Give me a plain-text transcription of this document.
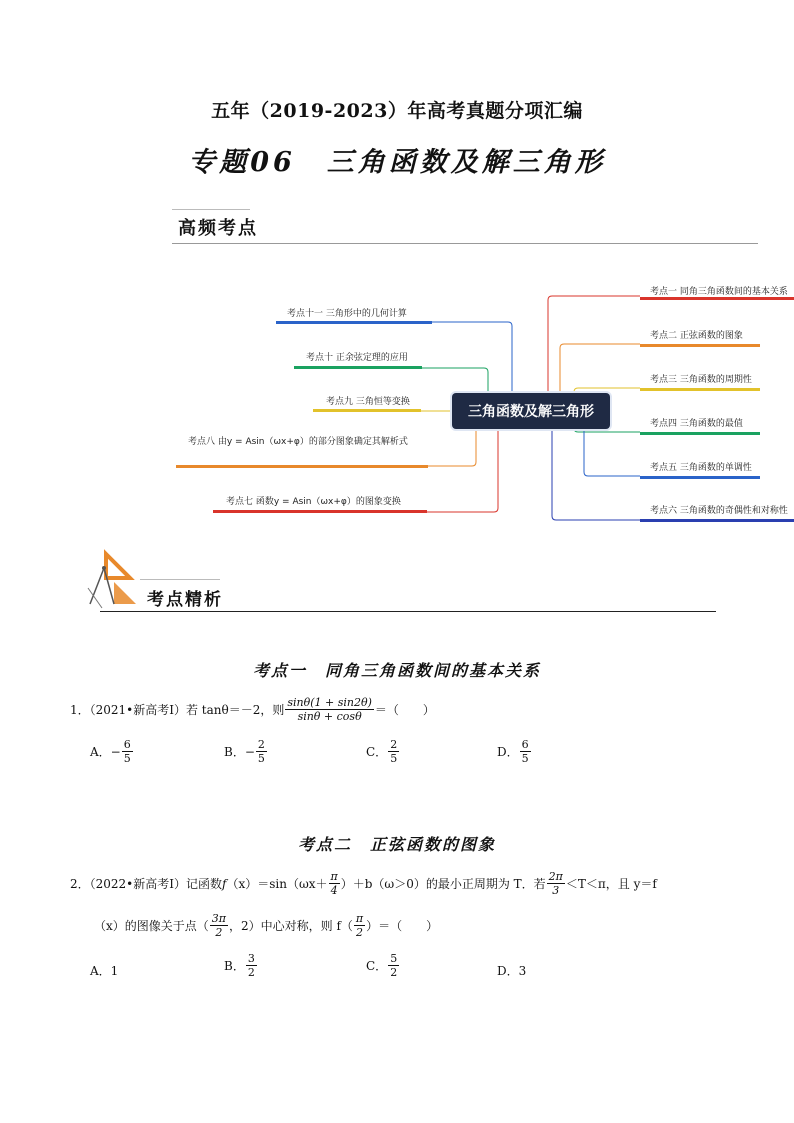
五年（2019-2023）年高考真题分项汇编
专题06　三角函数及解三角形
高频考点
三角函数及解三角形
考点一 同角三角函数间的基本关系
考点二 正弦函数的图象
考点三 三角函数的周期性
考点四 三角函数的最值
考点五 三角函数的单调性
考点六 三角函数的奇偶性和对称性
考点十一 三角形中的几何计算
考点十 正余弦定理的应用
考点九 三角恒等变换
考点八 由y = Asin（ωx+φ）的部分图象确定其解析式
考点七 函数y = Asin（ωx+φ）的图象变换
考点精析
考点一　同角三角函数间的基本关系
1．（2021•新高考Ⅰ）若 tanθ＝－2，则 $\frac{\sin\theta(1 + \sin 2\theta)}{\sin\theta + \cos\theta}$ ＝（　　）
A． − $\frac{6}{5}$	B． − $\frac{2}{5}$	C． $\frac{2}{5}$	D． $\frac{6}{5}$
考点二　正弦函数的图象
2．（2022•新高考Ⅰ）记函数 f $(x)=\sin(\omega x+ \frac{\pi}{4} )+b(\omega>0)$的最小正周期为 T．若 $\frac{2\pi}{3} <T<\pi$，且 y＝f
（x）的图像关于点（ $\frac{3\pi}{2}$ ，2）中心对称，则 $f( \frac{\pi}{2}$ ）＝（　　）
A．1	B． $\frac{3}{2}$	C． $\frac{5}{2}$	D．3
